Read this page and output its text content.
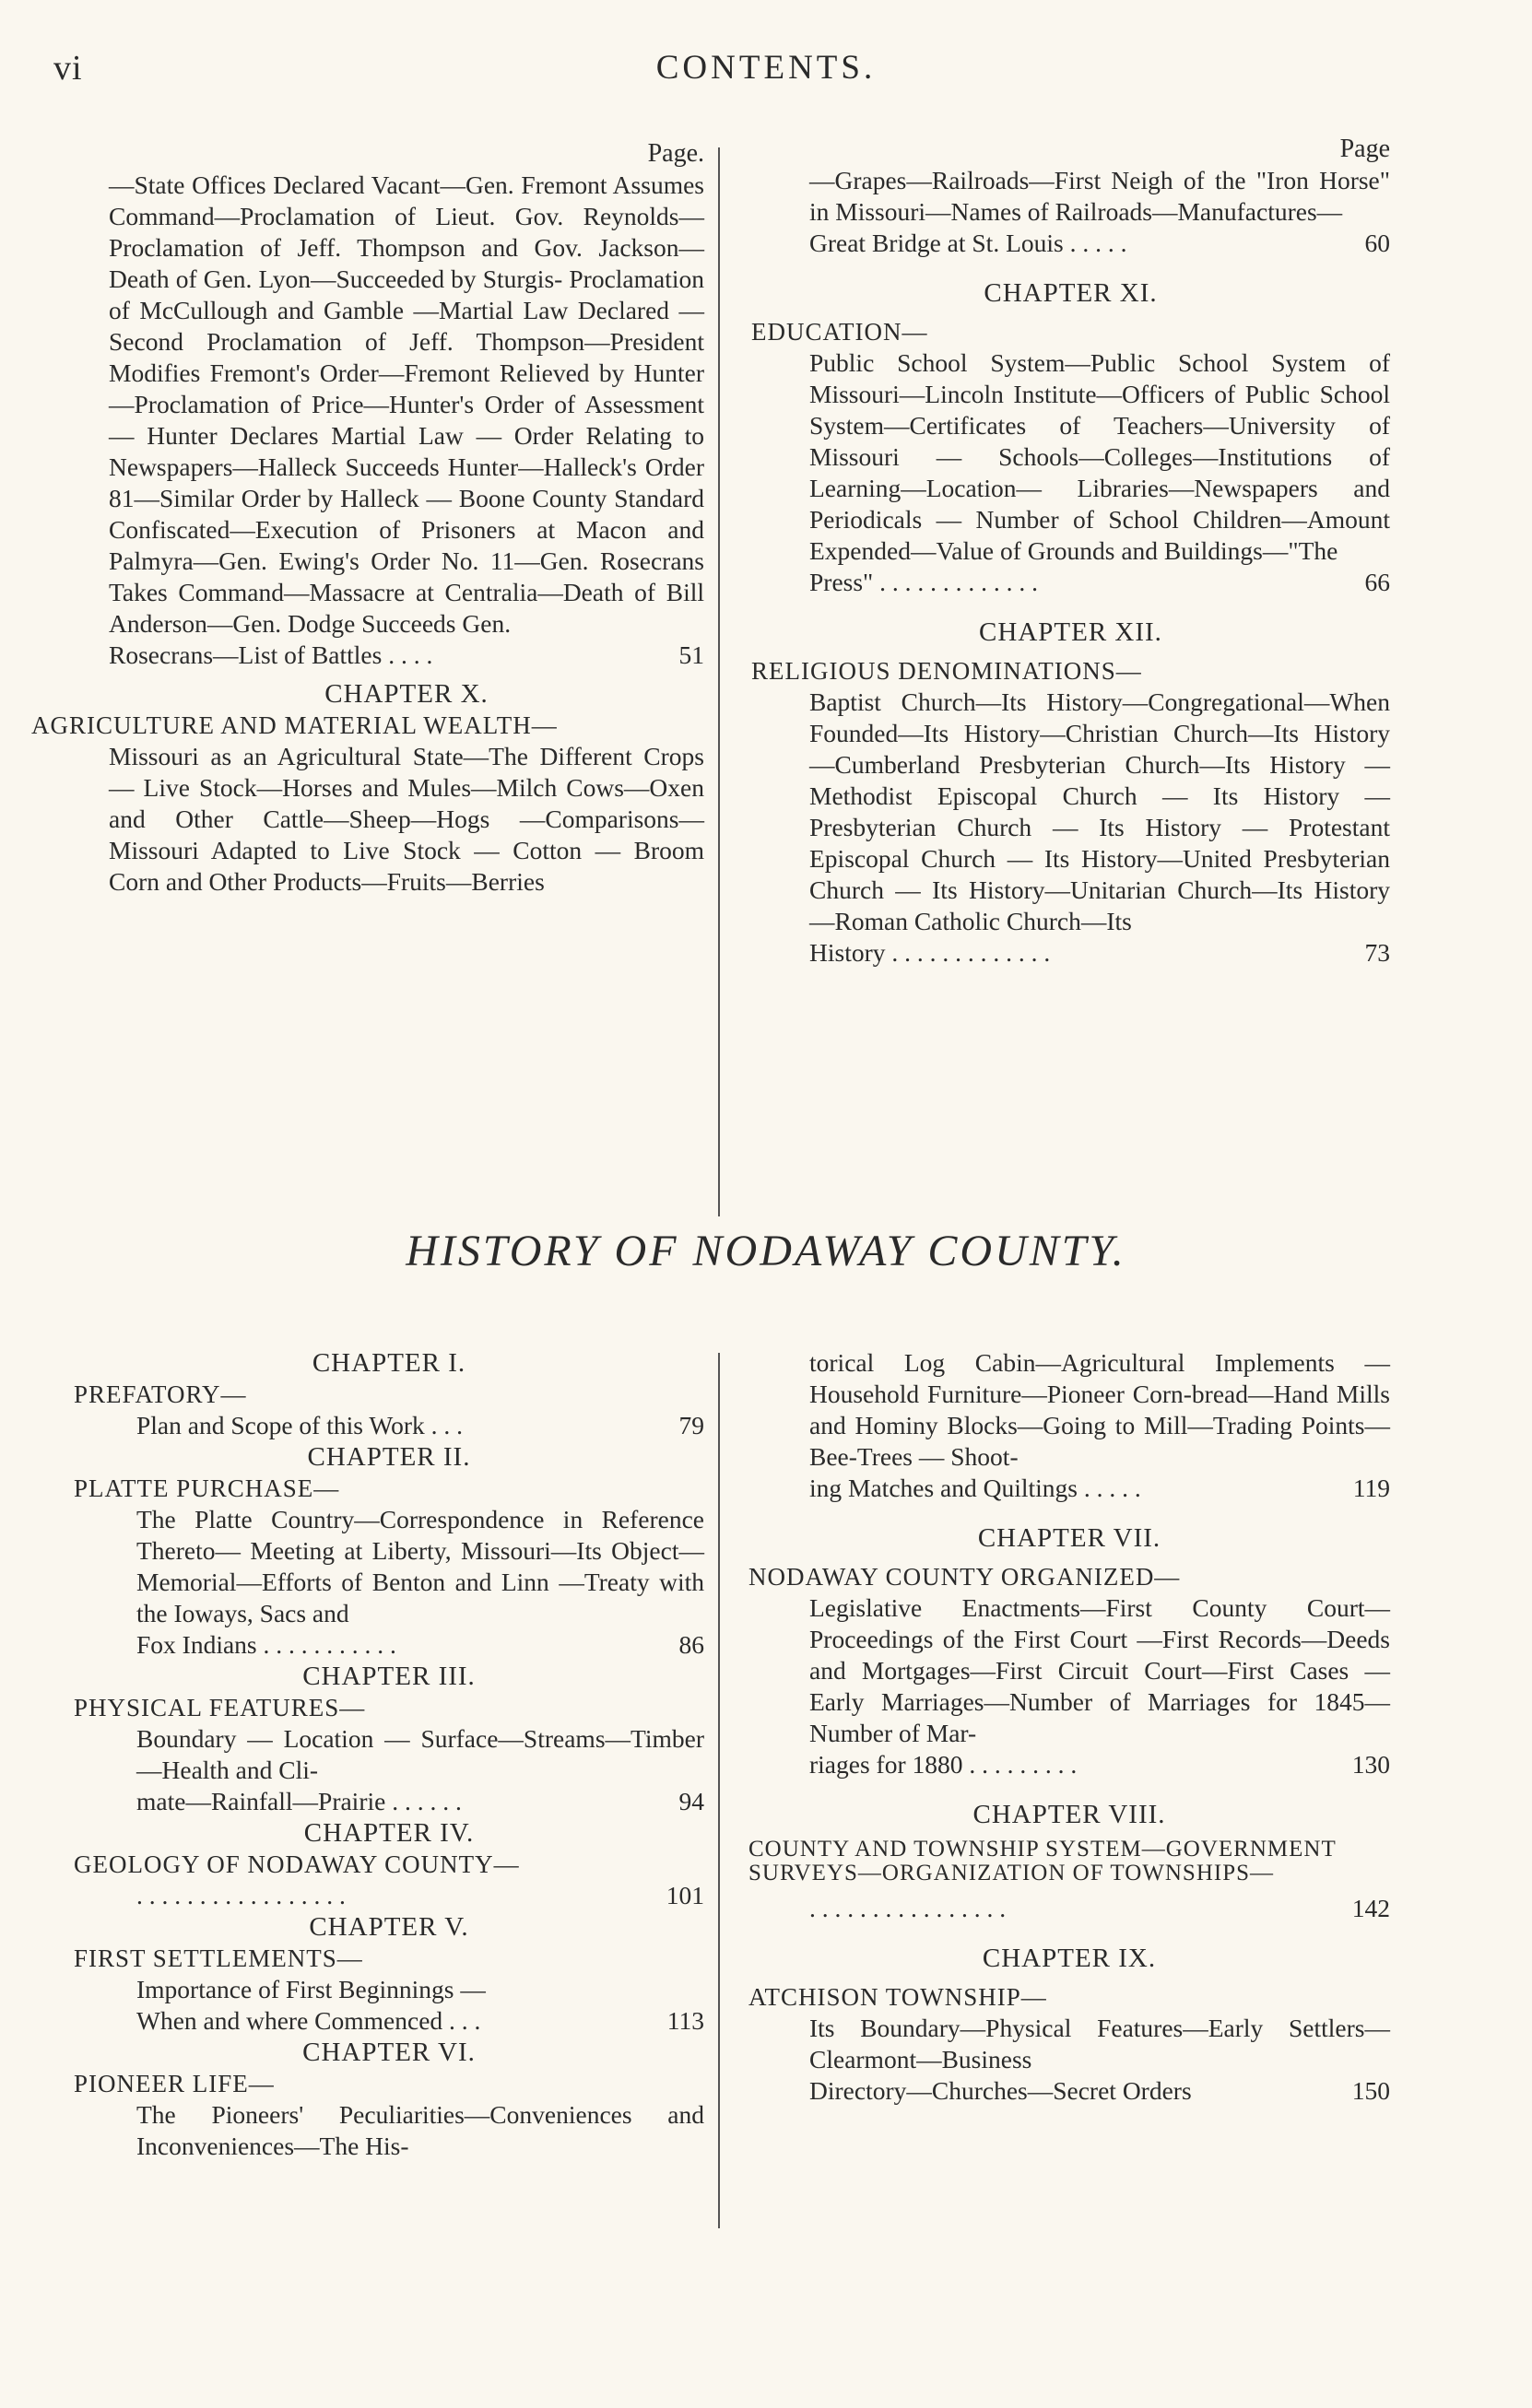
vi	CONTENTS.
Page.
—State Offices Declared Vacant—Gen. Fremont Assumes Command—Proclamation of Lieut. Gov. Reynolds—Proclamation of Jeff. Thompson and Gov. Jackson—Death of Gen. Lyon—Succeeded by Sturgis- Proclamation of McCullough and Gamble —Martial Law Declared — Second Proclamation of Jeff. Thompson—President Modifies Fremont's Order—Fremont Relieved by Hunter—Proclamation of Price—Hunter's Order of Assessment — Hunter Declares Martial Law — Order Relating to Newspapers—Halleck Succeeds Hunter—Halleck's Order 81—Similar Order by Halleck — Boone County Standard Confiscated—Execution of Prisoners at Macon and Palmyra—Gen. Ewing's Order No. 11—Gen. Rosecrans Takes Command—Massacre at Centralia—Death of Bill Anderson—Gen. Dodge Succeeds Gen.
Rosecrans—List of Battles . . . .	51
CHAPTER X.
AGRICULTURE AND MATERIAL WEALTH—
Missouri as an Agricultural State—The Different Crops — Live Stock—Horses and Mules—Milch Cows—Oxen and Other Cattle—Sheep—Hogs —Comparisons—Missouri Adapted to Live Stock — Cotton — Broom Corn and Other Products—Fruits—Berries
Page
—Grapes—Railroads—First Neigh of the "Iron Horse" in Missouri—Names of Railroads—Manufactures—
Great Bridge at St. Louis . . . . .	60
CHAPTER XI.
EDUCATION—
Public School System—Public School System of Missouri—Lincoln Institute—Officers of Public School System—Certificates of Teachers—University of Missouri — Schools—Colleges—Institutions of Learning—Location— Libraries—Newspapers and Periodicals — Number of School Children—Amount Expended—Value of Grounds and Buildings—"The
Press" . . . . . . . . . . . . .	66
CHAPTER XII.
RELIGIOUS DENOMINATIONS—
Baptist Church—Its History—Congregational—When Founded—Its History—Christian Church—Its History —Cumberland Presbyterian Church—Its History — Methodist Episcopal Church — Its History — Presbyterian Church — Its History — Protestant Episcopal Church — Its History—United Presbyterian Church — Its History—Unitarian Church—Its History—Roman Catholic Church—Its
History . . . . . . . . . . . . .	73
HISTORY OF NODAWAY COUNTY.
CHAPTER I.
PREFATORY—
Plan and Scope of this Work . . .	79
CHAPTER II.
PLATTE PURCHASE—
The Platte Country—Correspondence in Reference Thereto— Meeting at Liberty, Missouri—Its Object—Memorial—Efforts of Benton and Linn —Treaty with the Ioways, Sacs and
Fox Indians . . . . . . . . . . .	86
CHAPTER III.
PHYSICAL FEATURES—
Boundary — Location — Surface—Streams—Timber—Health and Cli-
mate—Rainfall—Prairie . . . . . .	94
CHAPTER IV.
GEOLOGY OF NODAWAY COUNTY—
. . . . . . . . . . . . . . . . .	101
CHAPTER V.
FIRST SETTLEMENTS—
Importance of First Beginnings —
When and where Commenced . . .	113
CHAPTER VI.
PIONEER LIFE—
The Pioneers' Peculiarities—Conveniences and Inconveniences—The His-
torical Log Cabin—Agricultural Implements — Household Furniture—Pioneer Corn-bread—Hand Mills and Hominy Blocks—Going to Mill—Trading Points—Bee-Trees — Shoot-
ing Matches and Quiltings . . . . .	119
CHAPTER VII.
NODAWAY COUNTY ORGANIZED—
Legislative Enactments—First County Court—Proceedings of the First Court —First Records—Deeds and Mortgages—First Circuit Court—First Cases —Early Marriages—Number of Marriages for 1845—Number of Mar-
riages for 1880 . . . . . . . . .	130
CHAPTER VIII.
COUNTY AND TOWNSHIP SYSTEM—GOVERNMENT SURVEYS—ORGANIZATION OF TOWNSHIPS—
. . . . . . . . . . . . . . . .	142
CHAPTER IX.
ATCHISON TOWNSHIP—
Its Boundary—Physical Features—Early Settlers—Clearmont—Business
Directory—Churches—Secret Orders	150
